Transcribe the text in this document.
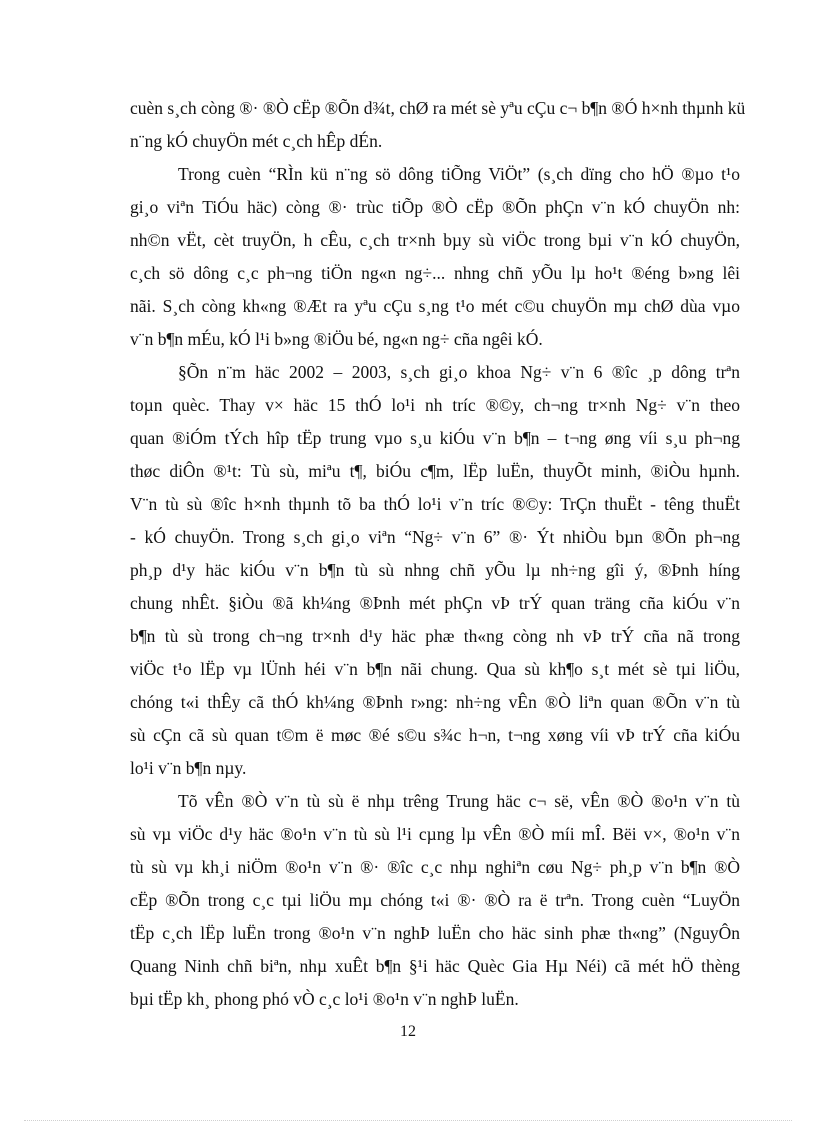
cuèn s¸ch còng ®· ®Ò cËp ®Õn d¾t, chØ ra mét sè yªu cÇu c¬ b¶n ®Ó h×nh thµnh kü
n¨ng kÓ chuyÖn mét c¸ch hÊp dÉn.
Trong cuèn “RÌn kü n¨ng sö dông tiÕng ViÖt” (s¸ch dïng cho hÖ ®µo t¹o
gi¸o viªn TiÓu häc) còng ®· trùc tiÕp ®Ò cËp ®Õn phÇn v¨n kÓ chuyÖn nh:
nh©n vËt, cèt truyÖn, h cÊu, c¸ch tr×nh bµy sù viÖc trong bµi v¨n kÓ chuyÖn,
c¸ch sö dông c¸c ph¬ng tiÖn ng«n ng÷... nhng chñ yÕu lµ ho¹t ®éng b»ng lêi
nãi. S¸ch còng kh«ng ®Æt ra yªu cÇu s¸ng t¹o mét c©u chuyÖn mµ chØ dùa vµo
v¨n b¶n mÉu, kÓ l¹i b»ng ®iÖu bé, ng«n ng÷ cña ngêi kÓ.
§Õn n¨m häc 2002 – 2003, s¸ch gi¸o khoa Ng÷ v¨n 6 ®îc ¸p dông trªn
toµn quèc. Thay v× häc 15 thÓ lo¹i nh tríc ®©y, ch¬ng tr×nh Ng÷ v¨n theo
quan ®iÓm tÝch hîp tËp trung vµo s¸u kiÓu v¨n b¶n – t¬ng øng víi s¸u ph¬ng
thøc diÔn ®¹t: Tù sù, miªu t¶, biÓu c¶m, lËp luËn, thuyÕt minh, ®iÒu hµnh.
V¨n tù sù ®îc h×nh thµnh tõ ba thÓ lo¹i v¨n tríc ®©y: TrÇn thuËt - têng thuËt
- kÓ chuyÖn. Trong s¸ch gi¸o viªn “Ng÷ v¨n 6” ®· Ýt nhiÒu bµn ®Õn ph¬ng
ph¸p d¹y häc kiÓu v¨n b¶n tù sù nhng chñ yÕu lµ nh÷ng gîi ý, ®Þnh híng
chung nhÊt. §iÒu ®ã kh¼ng ®Þnh mét phÇn vÞ trÝ quan träng cña kiÓu v¨n
b¶n tù sù trong ch¬ng tr×nh d¹y häc phæ th«ng còng nh vÞ trÝ cña nã trong
viÖc t¹o lËp vµ lÜnh héi v¨n b¶n nãi chung. Qua sù kh¶o s¸t mét sè tµi liÖu,
chóng t«i thÊy cã thÓ kh¼ng ®Þnh r»ng: nh÷ng vÊn ®Ò liªn quan ®Õn v¨n tù
sù cÇn cã sù quan t©m ë møc ®é s©u s¾c h¬n, t¬ng xøng víi vÞ trÝ cña kiÓu
lo¹i v¨n b¶n nµy.
Tõ vÊn ®Ò v¨n tù sù ë nhµ trêng Trung häc c¬ së, vÊn ®Ò ®o¹n v¨n tù
sù vµ viÖc d¹y häc ®o¹n v¨n tù sù l¹i cµng lµ vÊn ®Ò míi mÎ. Bëi v×, ®o¹n v¨n
tù sù vµ kh¸i niÖm ®o¹n v¨n ®· ®îc c¸c nhµ nghiªn cøu Ng÷ ph¸p v¨n b¶n ®Ò
cËp ®Õn trong c¸c tµi liÖu mµ chóng t«i ®· ®Ò ra ë trªn. Trong cuèn “LuyÖn
tËp c¸ch lËp luËn trong ®o¹n v¨n nghÞ luËn cho häc sinh phæ th«ng” (NguyÔn
Quang Ninh chñ biªn, nhµ xuÊt b¶n §¹i häc Quèc Gia Hµ Néi) cã mét hÖ thèng
bµi tËp kh¸ phong phó vÒ c¸c lo¹i ®o¹n v¨n nghÞ luËn.
12
